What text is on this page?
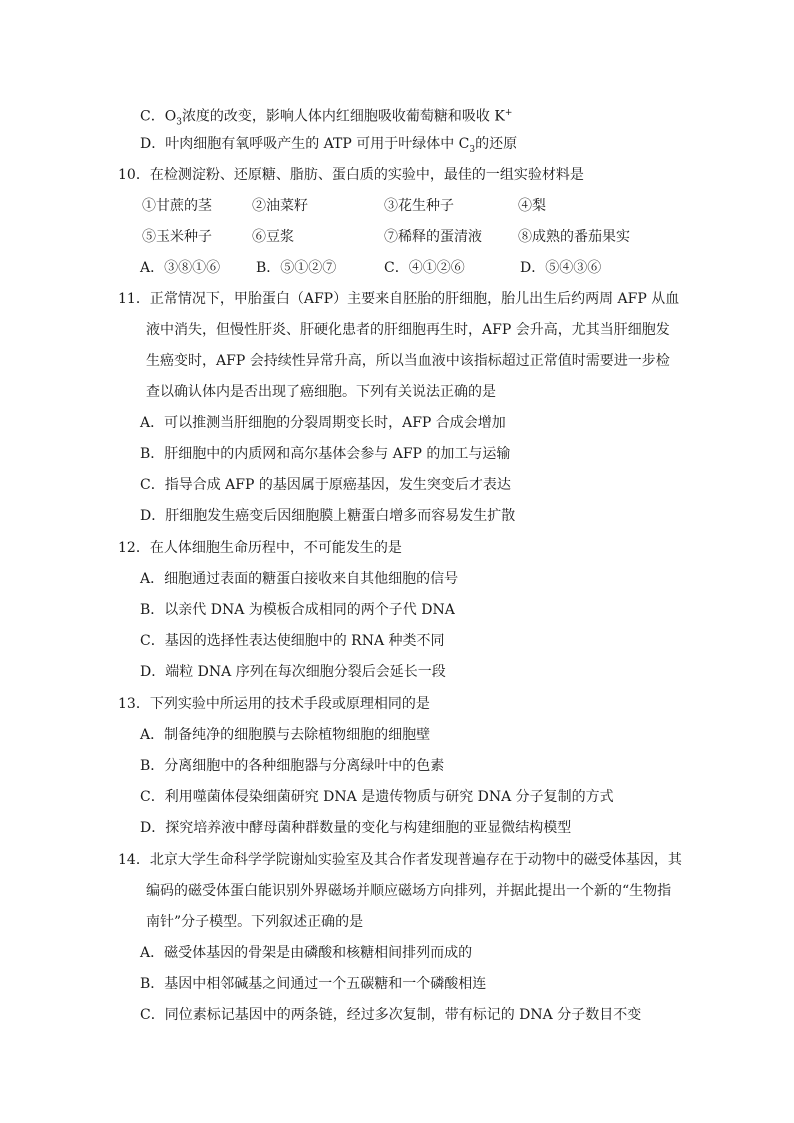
C．$O_3$浓度的改变，影响人体内红细胞吸收葡萄糖和吸收 K+
D．叶肉细胞有氧呼吸产生的 ATP 可用于叶绿体中 $C_3$的还原
10．在检测淀粉、还原糖、脂肪、蛋白质的实验中，最佳的一组实验材料是
①甘蔗的茎	②油菜籽	③花生种子	④梨
⑤玉米种子	⑥豆浆	⑦稀释的蛋清液	⑧成熟的番茄果实
A．③⑧①⑥	B．⑤①②⑦	C．④①②⑥	D．⑤④③⑥
11．正常情况下，甲胎蛋白（AFP）主要来自胚胎的肝细胞，胎儿出生后约两周 AFP 从血
液中消失，但慢性肝炎、肝硬化患者的肝细胞再生时，AFP 会升高，尤其当肝细胞发
生癌变时，AFP 会持续性异常升高，所以当血液中该指标超过正常值时需要进一步检
查以确认体内是否出现了癌细胞。下列有关说法正确的是
A．可以推测当肝细胞的分裂周期变长时，AFP 合成会增加
B．肝细胞中的内质网和高尔基体会参与 AFP 的加工与运输
C．指导合成 AFP 的基因属于原癌基因，发生突变后才表达
D．肝细胞发生癌变后因细胞膜上糖蛋白增多而容易发生扩散
12．在人体细胞生命历程中，不可能发生的是
A．细胞通过表面的糖蛋白接收来自其他细胞的信号
B．以亲代 DNA 为模板合成相同的两个子代 DNA
C．基因的选择性表达使细胞中的 RNA 种类不同
D．端粒 DNA 序列在每次细胞分裂后会延长一段
13．下列实验中所运用的技术手段或原理相同的是
A．制备纯净的细胞膜与去除植物细胞的细胞壁
B．分离细胞中的各种细胞器与分离绿叶中的色素
C．利用噬菌体侵染细菌研究 DNA 是遗传物质与研究 DNA 分子复制的方式
D．探究培养液中酵母菌种群数量的变化与构建细胞的亚显微结构模型
14．北京大学生命科学学院谢灿实验室及其合作者发现普遍存在于动物中的磁受体基因，其
编码的磁受体蛋白能识别外界磁场并顺应磁场方向排列，并据此提出一个新的“生物指
南针”分子模型。下列叙述正确的是
A．磁受体基因的骨架是由磷酸和核糖相间排列而成的
B．基因中相邻碱基之间通过一个五碳糖和一个磷酸相连
C．同位素标记基因中的两条链，经过多次复制，带有标记的 DNA 分子数目不变
